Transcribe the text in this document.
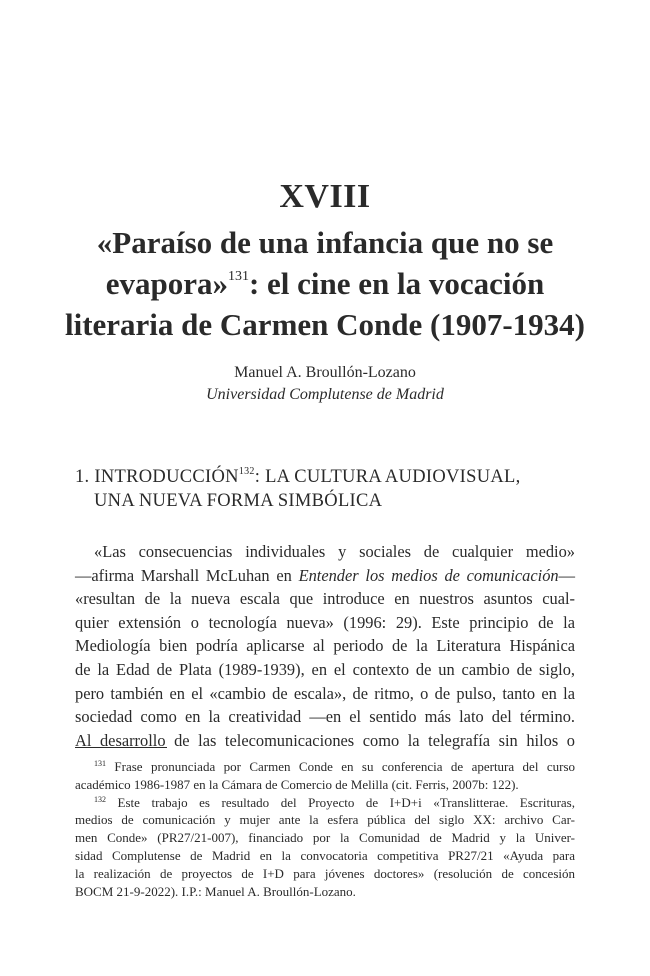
XVIII
«Paraíso de una infancia que no se
evapora»$^{131}$: el cine en la vocación
literaria de Carmen Conde (1907-1934)
Manuel A. Broullón-Lozano
Universidad Complutense de Madrid
1. INTRODUCCIÓN$^{132}$: LA CULTURA AUDIOVISUAL,
UNA NUEVA FORMA SIMBÓLICA
«Las consecuencias individuales y sociales de cualquier medio»
—afirma Marshall McLuhan en Entender los medios de comunicación—
«resultan de la nueva escala que introduce en nuestros asuntos cual-
quier extensión o tecnología nueva» (1996: 29). Este principio de la
Mediología bien podría aplicarse al periodo de la Literatura Hispánica
de la Edad de Plata (1989-1939), en el contexto de un cambio de siglo,
pero también en el «cambio de escala», de ritmo, o de pulso, tanto en la
sociedad como en la creatividad —en el sentido más lato del término.
Al desarrollo de las telecomunicaciones como la telegrafía sin hilos o
$^{131}$ Frase pronunciada por Carmen Conde en su conferencia de apertura del curso
académico 1986-1987 en la Cámara de Comercio de Melilla (cit. Ferris, 2007b: 122).
$^{132}$ Este trabajo es resultado del Proyecto de I+D+i «Translitterae. Escrituras,
medios de comunicación y mujer ante la esfera pública del siglo XX: archivo Car-
men Conde» (PR27/21-007), financiado por la Comunidad de Madrid y la Univer-
sidad Complutense de Madrid en la convocatoria competitiva PR27/21 «Ayuda para
la realización de proyectos de I+D para jóvenes doctores» (resolución de concesión
BOCM 21-9-2022). I.P.: Manuel A. Broullón-Lozano.
